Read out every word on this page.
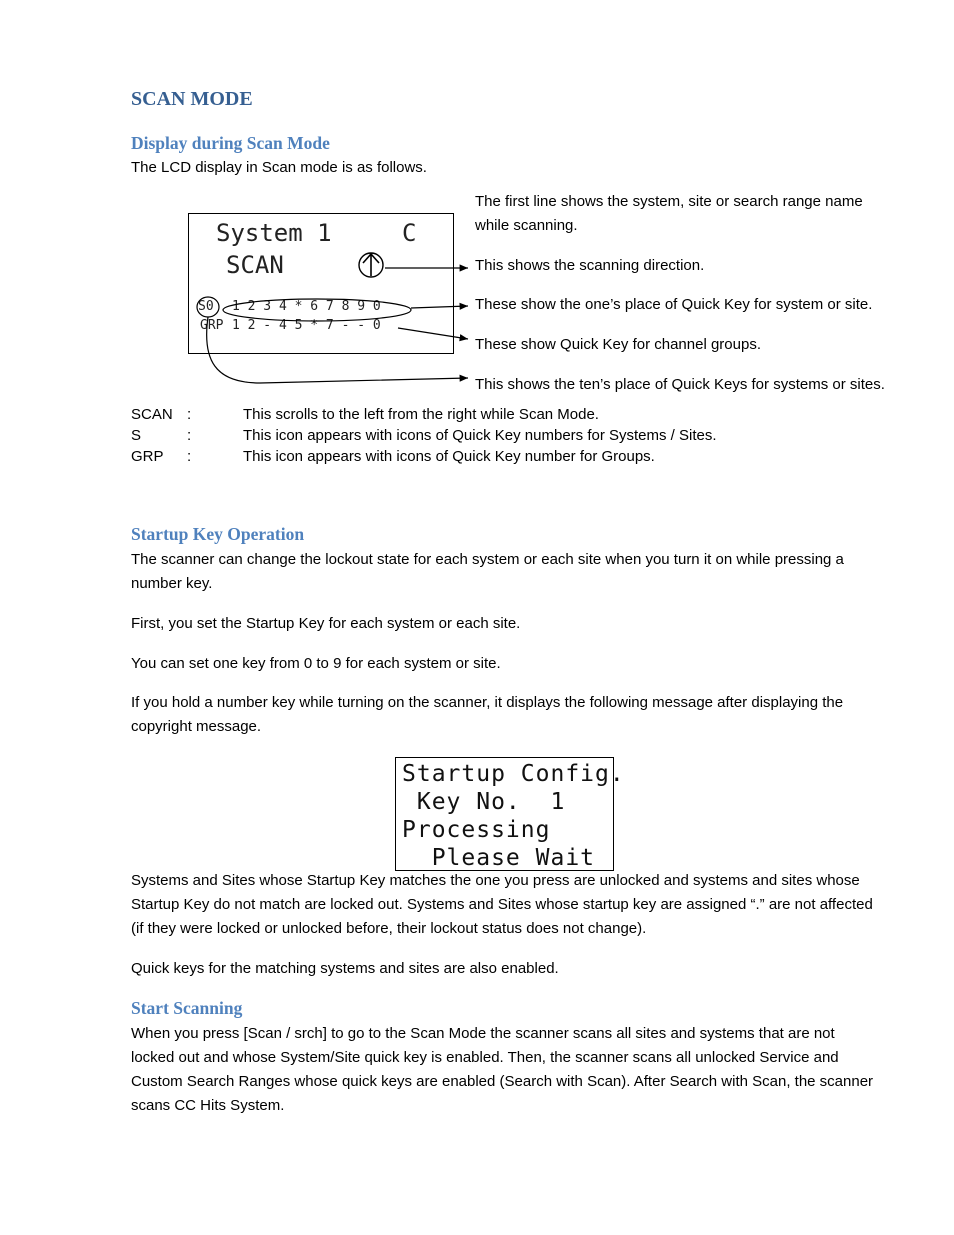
SCAN MODE
Display during Scan Mode
The LCD display in Scan mode is as follows.
System 1	C
SCAN
S0 1 2 3 4 * 6 7 8 9 0
GRP 1 2 - 4 5 * 7 - - 0
The first line shows the system, site or search range name while scanning.
This shows the scanning direction.
These show the one’s place of Quick Key for system or site.
These show Quick Key for channel groups.
This shows the ten’s place of Quick Keys for systems or sites.
SCAN :	This scrolls to the left from the right while Scan Mode.
S	:	This icon appears with icons of Quick Key numbers for Systems / Sites.
GRP :	This icon appears with icons of Quick Key number for Groups.
Startup Key Operation
The scanner can change the lockout state for each system or each site when you turn it on while pressing a number key.
First, you set the Startup Key for each system or each site.
You can set one key from 0 to 9 for each system or site.
If you hold a number key while turning on the scanner, it displays the following message after displaying the copyright message.
Startup Config.
Key No.  1
Processing
Please Wait
Systems and Sites whose Startup Key matches the one you press are unlocked and systems and sites whose Startup Key do not match are locked out. Systems and Sites whose startup key are assigned “.” are not affected (if they were locked or unlocked before, their lockout status does not change).
Quick keys for the matching systems and sites are also enabled.
Start Scanning
When you press [Scan / srch] to go to the Scan Mode the scanner scans all sites and systems that are not locked out and whose System/Site quick key is enabled. Then, the scanner scans all unlocked Service and Custom Search Ranges whose quick keys are enabled (Search with Scan). After Search with Scan, the scanner scans CC Hits System.
